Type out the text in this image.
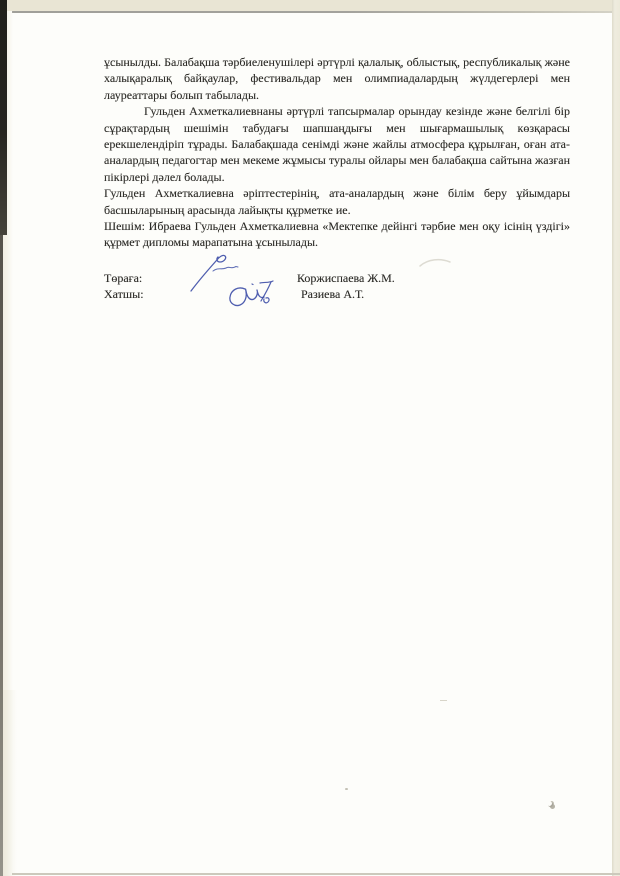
ұсынылды. Балабақша тәрбиеленушілері әртүрлі қалалық, облыстық, республикалық және
халықаралық байқаулар, фестивальдар мен олимпиадалардың жүлдегерлері мен
лауреаттары болып табылады.
Гульден Ахметкалиевнаны әртүрлі тапсырмалар орындау кезінде және белгілі бір
сұрақтардың шешімін табудағы шапшаңдығы мен шығармашылық көзқарасы
ерекшелендіріп тұрады. Балабақшада сенімді және жайлы атмосфера құрылған, оған ата-
аналардың педагогтар мен мекеме жұмысы туралы ойлары мен балабақша сайтына жазған
пікірлері дәлел болады.
Гульден Ахметкалиевна әріптестерінің, ата-аналардың және білім беру ұйымдары
басшыларының арасында лайықты құрметке ие.
Шешім: Ибраева Гульден Ахметкалиевна «Мектепке дейінгі тәрбие мен оқу ісінің үздігі»
құрмет дипломы марапатына ұсынылады.
Төраға:
Хатшы:
Коржиспаева Ж.М.
Разиева А.Т.
